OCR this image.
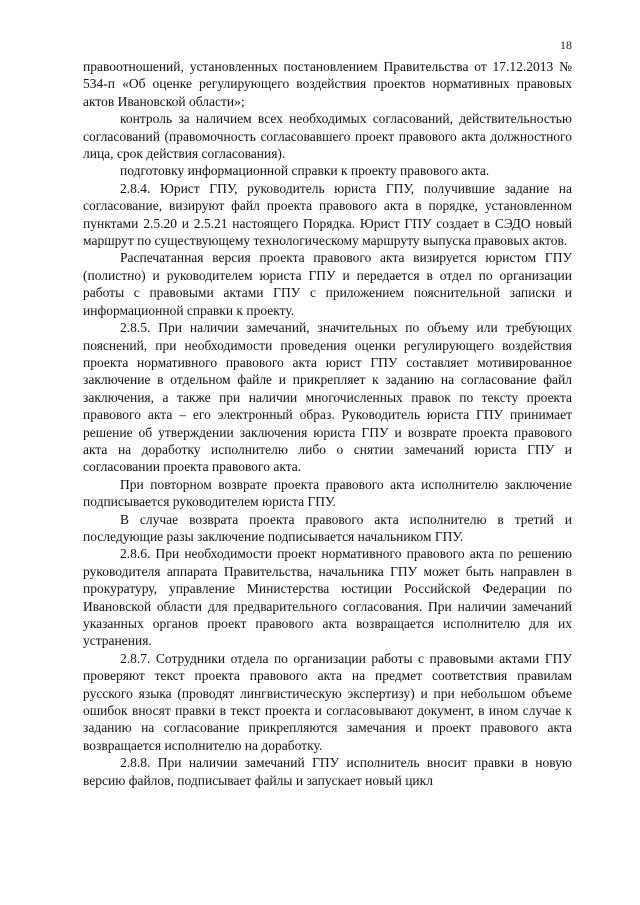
18

правоотношений, установленных постановлением Правительства от 17.12.2013 № 534-п «Об оценке регулирующего воздействия проектов нормативных правовых актов Ивановской области»;

контроль за наличием всех необходимых согласований, действительностью согласований (правомочность согласовавшего проект правового акта должностного лица, срок действия согласования).

подготовку информационной справки к проекту правового акта.

2.8.4. Юрист ГПУ, руководитель юриста ГПУ, получившие задание на согласование, визируют файл проекта правового акта в порядке, установленном пунктами 2.5.20 и 2.5.21 настоящего Порядка. Юрист ГПУ создает в СЭДО новый маршрут по существующему технологическому маршруту выпуска правовых актов.

Распечатанная версия проекта правового акта визируется юристом ГПУ (полистно) и руководителем юриста ГПУ и передается в отдел по организации работы с правовыми актами ГПУ с приложением пояснительной записки и информационной справки к проекту.

2.8.5. При наличии замечаний, значительных по объему или требующих пояснений, при необходимости проведения оценки регулирующего воздействия проекта нормативного правового акта юрист ГПУ составляет мотивированное заключение в отдельном файле и прикрепляет к заданию на согласование файл заключения, а также при наличии многочисленных правок по тексту проекта правового акта – его электронный образ. Руководитель юриста ГПУ принимает решение об утверждении заключения юриста ГПУ и возврате проекта правового акта на доработку исполнителю либо о снятии замечаний юриста ГПУ и согласовании проекта правового акта.

При повторном возврате проекта правового акта исполнителю заключение подписывается руководителем юриста ГПУ.

В случае возврата проекта правового акта исполнителю в третий и последующие разы заключение подписывается начальником ГПУ.

2.8.6. При необходимости проект нормативного правового акта по решению руководителя аппарата Правительства, начальника ГПУ может быть направлен в прокуратуру, управление Министерства юстиции Российской Федерации по Ивановской области для предварительного согласования. При наличии замечаний указанных органов проект правового акта возвращается исполнителю для их устранения.

2.8.7. Сотрудники отдела по организации работы с правовыми актами ГПУ проверяют текст проекта правового акта на предмет соответствия правилам русского языка (проводят лингвистическую экспертизу) и при небольшом объеме ошибок вносят правки в текст проекта и согласовывают документ, в ином случае к заданию на согласование прикрепляются замечания и проект правового акта возвращается исполнителю на доработку.

2.8.8. При наличии замечаний ГПУ исполнитель вносит правки в новую версию файлов, подписывает файлы и запускает новый цикл
